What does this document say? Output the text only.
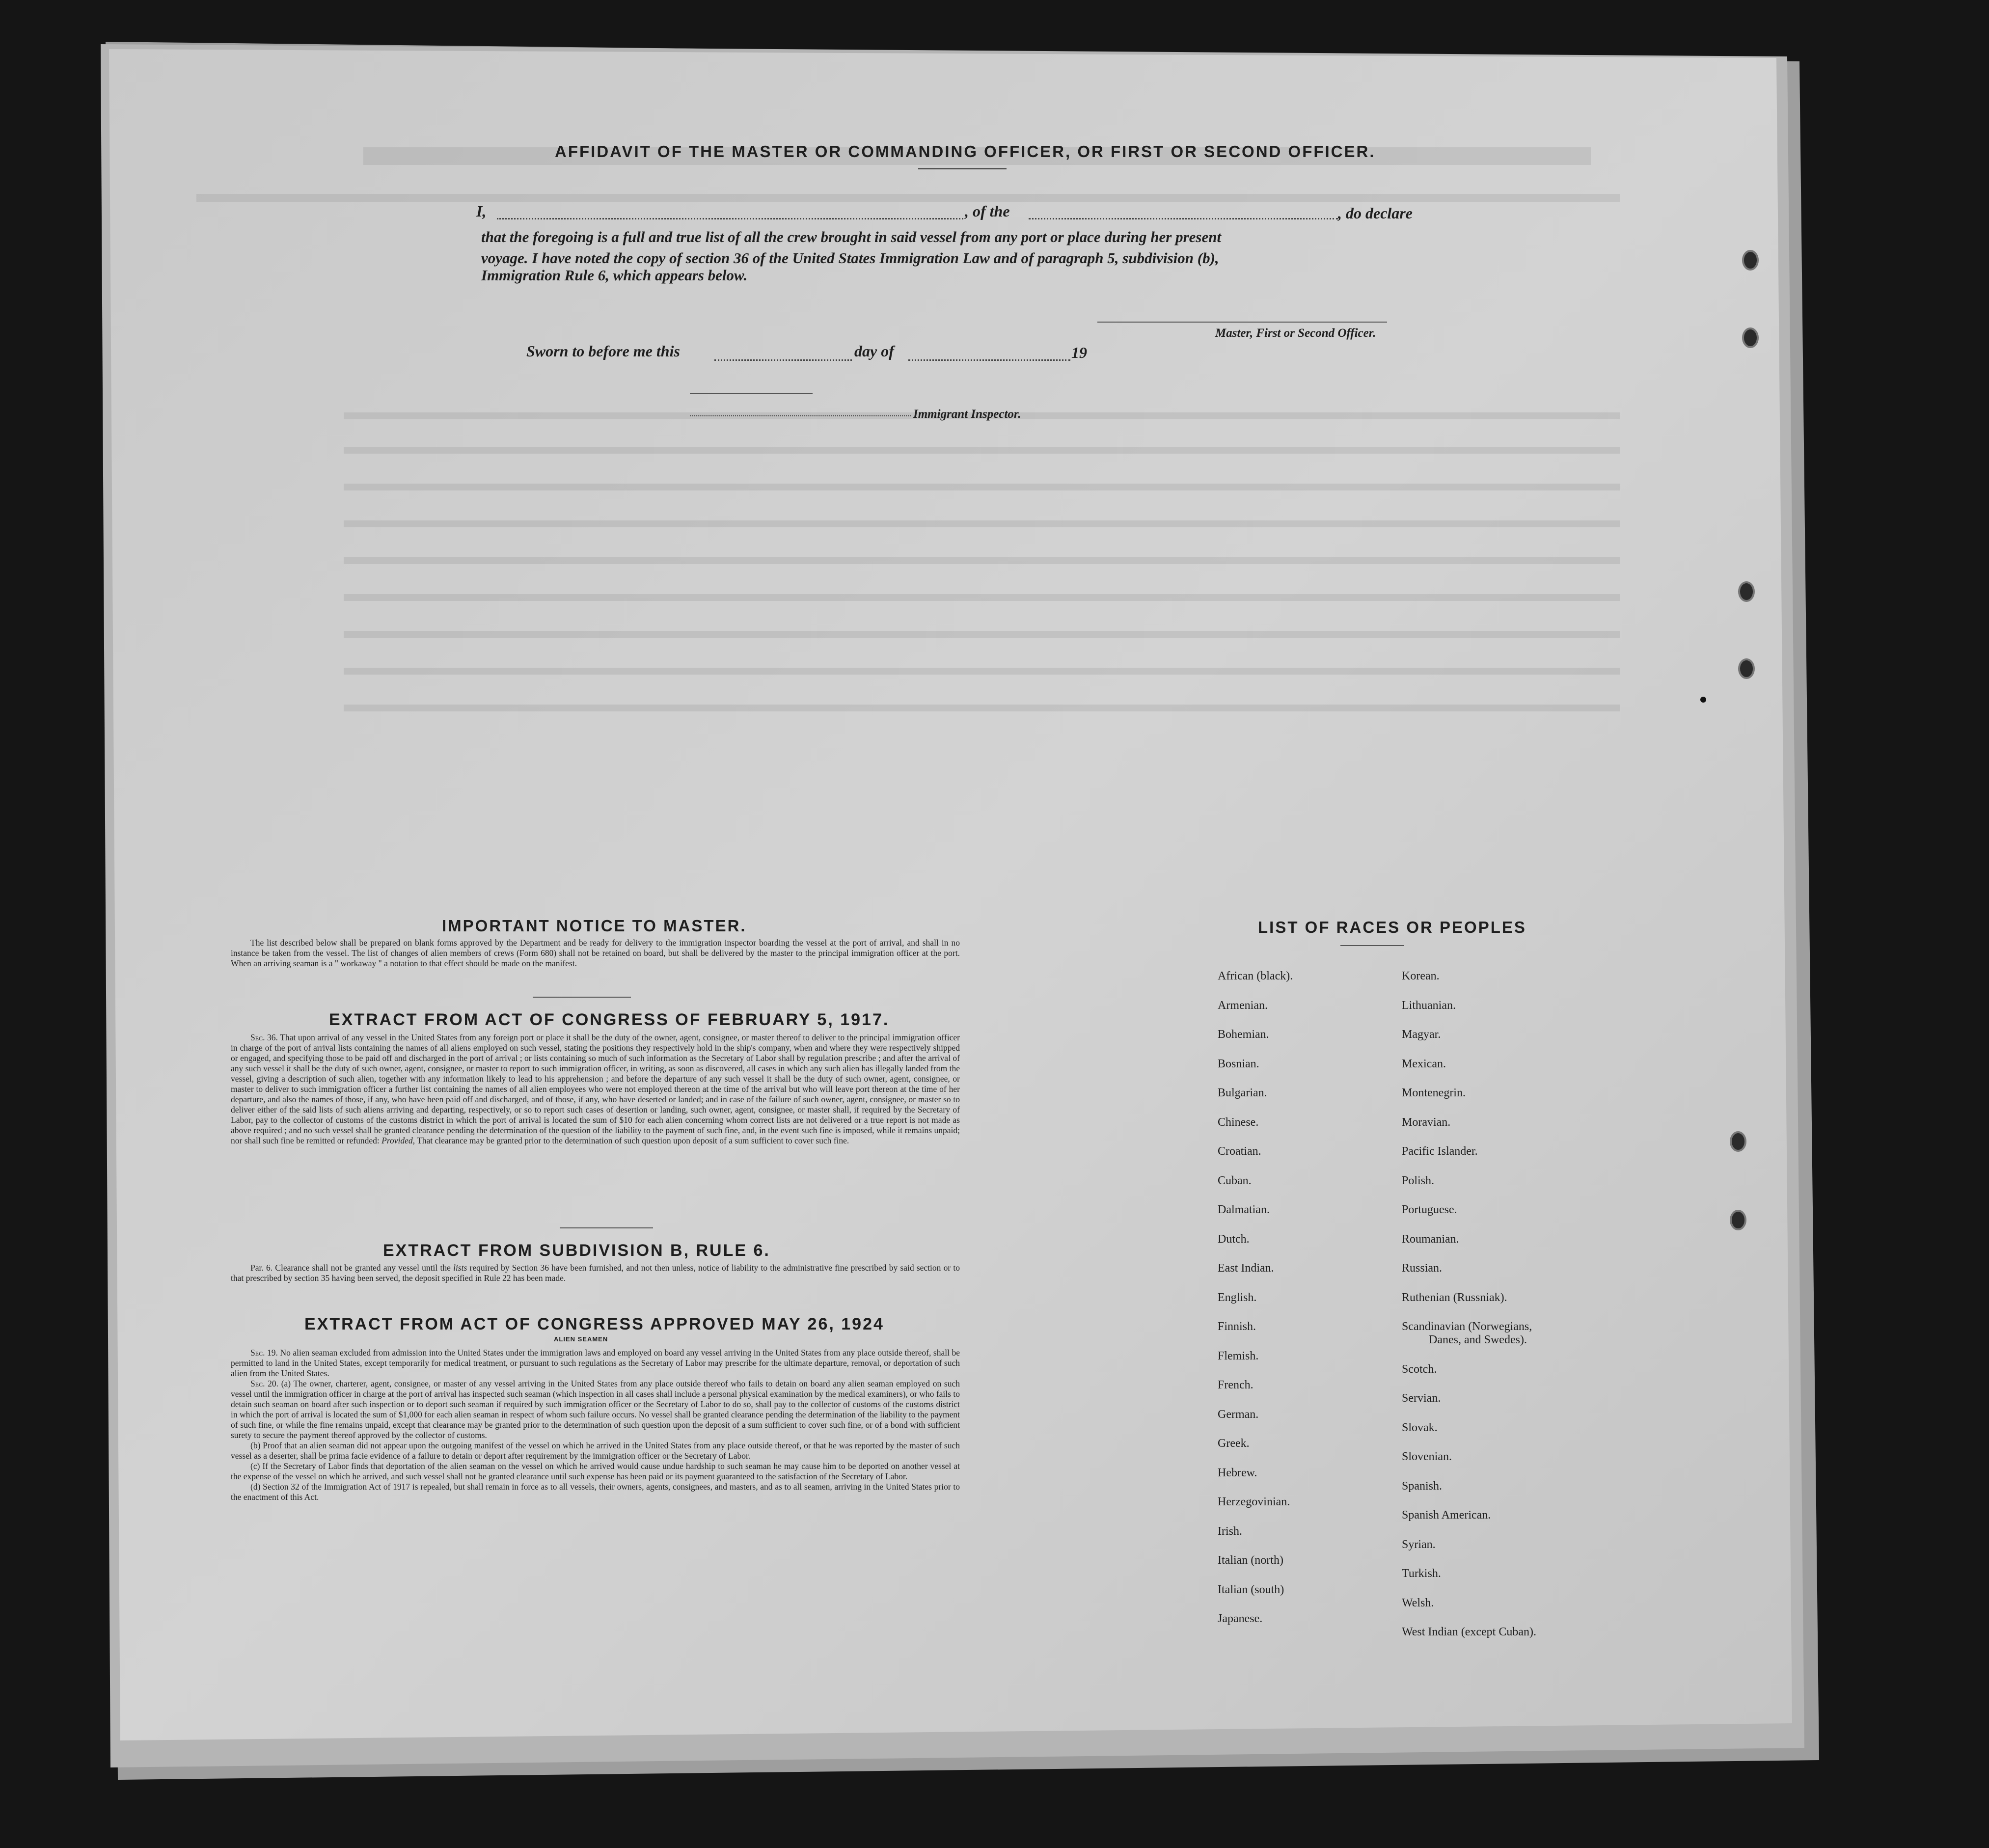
AFFIDAVIT OF THE MASTER OR COMMANDING OFFICER, OR FIRST OR SECOND OFFICER.
I,	, of the	, do declare
that the foregoing is a full and true list of all the crew brought in said vessel from any port or place during her present
voyage. I have noted the copy of section 36 of the United States Immigration Law and of paragraph 5, subdivision (b),
Immigration Rule 6, which appears below.
Master, First or Second Officer.
Sworn to before me this	day of	19
Immigrant Inspector.
IMPORTANT NOTICE TO MASTER.

The list described below shall be prepared on blank forms approved by the Department and be ready for delivery to the immigration inspector boarding the vessel at the port of arrival, and shall in no instance be taken from the vessel. The list of changes of alien members of crews (Form 680) shall not be retained on board, but shall be delivered by the master to the principal immigration officer at the port. When an arriving seaman is a " workaway " a notation to that effect should be made on the manifest.

EXTRACT FROM ACT OF CONGRESS OF FEBRUARY 5, 1917.

Sec. 36. That upon arrival of any vessel in the United States from any foreign port or place it shall be the duty of the owner, agent, consignee, or master thereof to deliver to the principal immigration officer in charge of the port of arrival lists containing the names of all aliens employed on such vessel, stating the positions they respectively hold in the ship's company, when and where they were respectively shipped or engaged, and specifying those to be paid off and discharged in the port of arrival ; or lists containing so much of such information as the Secretary of Labor shall by regulation prescribe ; and after the arrival of any such vessel it shall be the duty of such owner, agent, consignee, or master to report to such immigration officer, in writing, as soon as discovered, all cases in which any such alien has illegally landed from the vessel, giving a description of such alien, together with any information likely to lead to his apprehension ; and before the departure of any such vessel it shall be the duty of such owner, agent, consignee, or master to deliver to such immigration officer a further list containing the names of all alien employees who were not employed thereon at the time of the arrival but who will leave port thereon at the time of her departure, and also the names of those, if any, who have been paid off and discharged, and of those, if any, who have deserted or landed; and in case of the failure of such owner, agent, consignee, or master so to deliver either of the said lists of such aliens arriving and departing, respectively, or so to report such cases of desertion or landing, such owner, agent, consignee, or master shall, if required by the Secretary of Labor, pay to the collector of customs of the customs district in which the port of arrival is located the sum of $10 for each alien concerning whom correct lists are not delivered or a true report is not made as above required ; and no such vessel shall be granted clearance pending the determination of the question of the liability to the payment of such fine, and, in the event such fine is imposed, while it remains unpaid; nor shall such fine be remitted or refunded: Provided, That clearance may be granted prior to the determination of such question upon deposit of a sum sufficient to cover such fine.

EXTRACT FROM SUBDIVISION B, RULE 6.

Par. 6. Clearance shall not be granted any vessel until the lists required by Section 36 have been furnished, and not then unless, notice of liability to the administrative fine prescribed by said section or to that prescribed by section 35 having been served, the deposit specified in Rule 22 has been made.

EXTRACT FROM ACT OF CONGRESS APPROVED MAY 26, 1924
ALIEN SEAMEN

Sec. 19. No alien seaman excluded from admission into the United States under the immigration laws and employed on board any vessel arriving in the United States from any place outside thereof, shall be permitted to land in the United States, except temporarily for medical treatment, or pursuant to such regulations as the Secretary of Labor may prescribe for the ultimate departure, removal, or deportation of such alien from the United States.

Sec. 20. (a) The owner, charterer, agent, consignee, or master of any vessel arriving in the United States from any place outside thereof who fails to detain on board any alien seaman employed on such vessel until the immigration officer in charge at the port of arrival has inspected such seaman (which inspection in all cases shall include a personal physical examination by the medical examiners), or who fails to detain such seaman on board after such inspection or to deport such seaman if required by such immigration officer or the Secretary of Labor to do so, shall pay to the collector of customs of the customs district in which the port of arrival is located the sum of $1,000 for each alien seaman in respect of whom such failure occurs. No vessel shall be granted clearance pending the determination of the liability to the payment of such fine, or while the fine remains unpaid, except that clearance may be granted prior to the determination of such question upon the deposit of a sum sufficient to cover such fine, or of a bond with sufficient surety to secure the payment thereof approved by the collector of customs.

(b) Proof that an alien seaman did not appear upon the outgoing manifest of the vessel on which he arrived in the United States from any place outside thereof, or that he was reported by the master of such vessel as a deserter, shall be prima facie evidence of a failure to detain or deport after requirement by the immigration officer or the Secretary of Labor.

(c) If the Secretary of Labor finds that deportation of the alien seaman on the vessel on which he arrived would cause undue hardship to such seaman he may cause him to be deported on another vessel at the expense of the vessel on which he arrived, and such vessel shall not be granted clearance until such expense has been paid or its payment guaranteed to the satisfaction of the Secretary of Labor.

(d) Section 32 of the Immigration Act of 1917 is repealed, but shall remain in force as to all vessels, their owners, agents, consignees, and masters, and as to all seamen, arriving in the United States prior to the enactment of this Act.

LIST OF RACES OR PEOPLES
African (black).
Armenian.
Bohemian.
Bosnian.
Bulgarian.
Chinese.
Croatian.
Cuban.
Dalmatian.
Dutch.
East Indian.
English.
Finnish.
Flemish.
French.
German.
Greek.
Hebrew.
Herzegovinian.
Irish.
Italian (north)
Italian (south)
Japanese.
Korean.
Lithuanian.
Magyar.
Mexican.
Montenegrin.
Moravian.
Pacific Islander.
Polish.
Portuguese.
Roumanian.
Russian.
Ruthenian (Russniak).
Scandinavian (Norwegians,
Danes, and Swedes).
Scotch.
Servian.
Slovak.
Slovenian.
Spanish.
Spanish American.
Syrian.
Turkish.
Welsh.
West Indian (except Cuban).
